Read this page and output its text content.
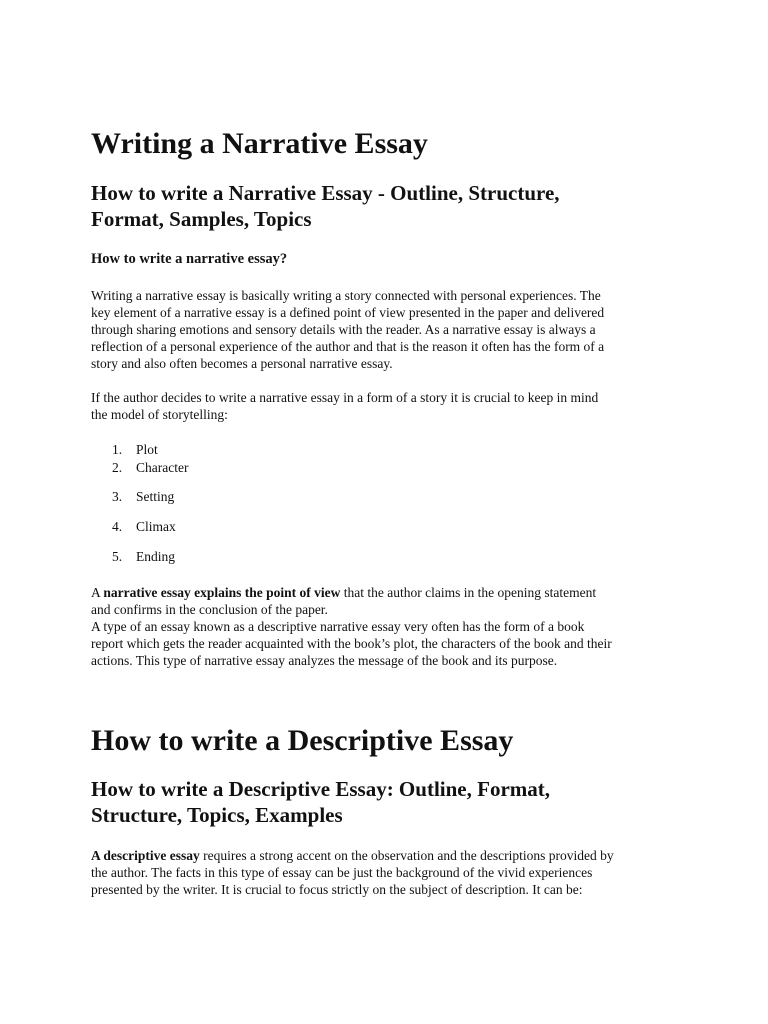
Writing a Narrative Essay
How to write a Narrative Essay - Outline, Structure,
Format, Samples, Topics
How to write a narrative essay?

Writing a narrative essay is basically writing a story connected with personal experiences. The
key element of a narrative essay is a defined point of view presented in the paper and delivered
through sharing emotions and sensory details with the reader. As a narrative essay is always a
reflection of a personal experience of the author and that is the reason it often has the form of a
story and also often becomes a personal narrative essay.

If the author decides to write a narrative essay in a form of a story it is crucial to keep in mind
the model of storytelling:

1. Plot
2. Character
3. Setting
4. Climax
5. Ending

A narrative essay explains the point of view that the author claims in the opening statement
and confirms in the conclusion of the paper.
A type of an essay known as a descriptive narrative essay very often has the form of a book
report which gets the reader acquainted with the book’s plot, the characters of the book and their
actions. This type of narrative essay analyzes the message of the book and its purpose.

How to write a Descriptive Essay
How to write a Descriptive Essay: Outline, Format,
Structure, Topics, Examples

A descriptive essay requires a strong accent on the observation and the descriptions provided by
the author. The facts in this type of essay can be just the background of the vivid experiences
presented by the writer. It is crucial to focus strictly on the subject of description. It can be:
